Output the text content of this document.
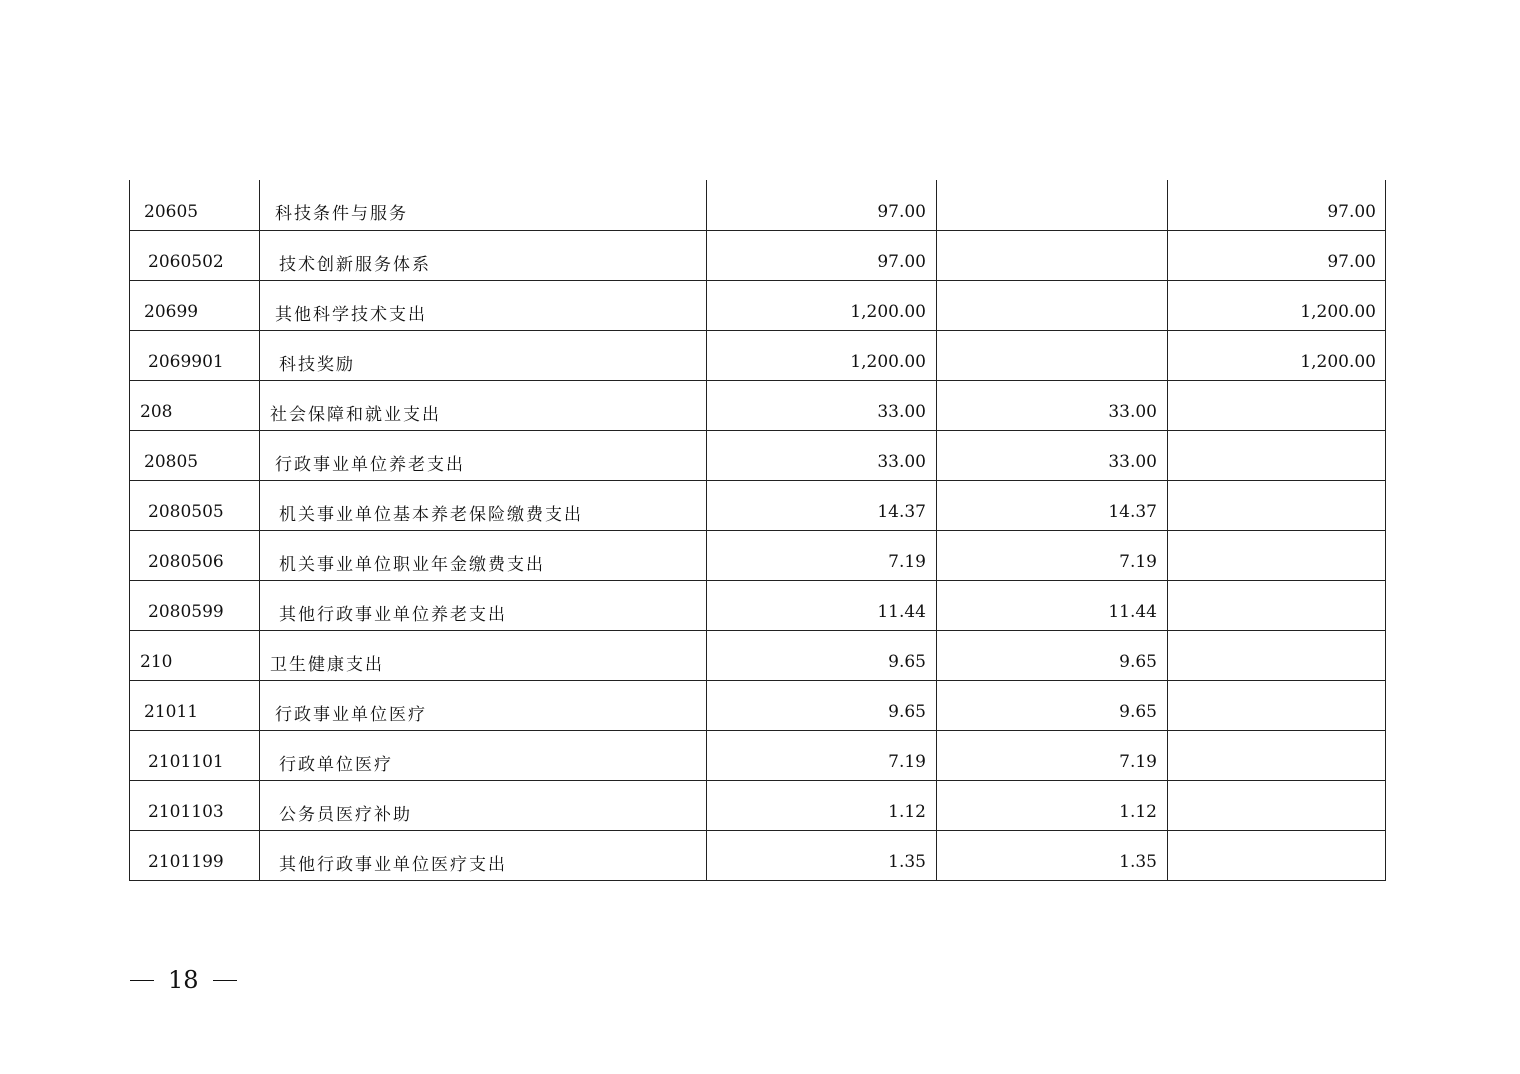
20605	科技条件与服务	97.00		97.00
2060502	技术创新服务体系	97.00		97.00
20699	其他科学技术支出	1,200.00		1,200.00
2069901	科技奖励	1,200.00		1,200.00
208	社会保障和就业支出	33.00	33.00	
20805	行政事业单位养老支出	33.00	33.00	
2080505	机关事业单位基本养老保险缴费支出	14.37	14.37	
2080506	机关事业单位职业年金缴费支出	7.19	7.19	
2080599	其他行政事业单位养老支出	11.44	11.44	
210	卫生健康支出	9.65	9.65	
21011	行政事业单位医疗	9.65	9.65	
2101101	行政单位医疗	7.19	7.19	
2101103	公务员医疗补助	1.12	1.12	
2101199	其他行政事业单位医疗支出	1.35	1.35	
18
